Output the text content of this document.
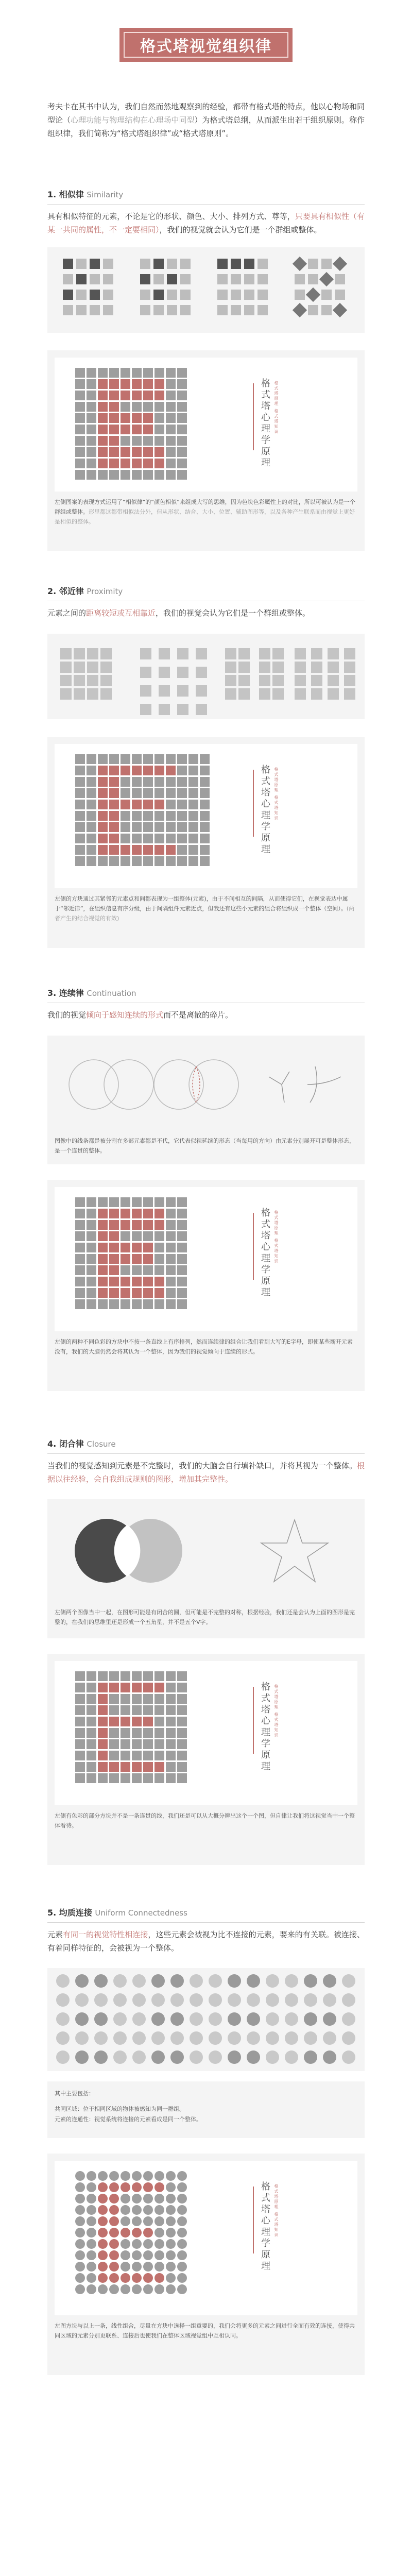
格式塔视觉组织律
考夫卡在其书中认为，我们自然而然地观察到的经验，都带有格式塔的特点，他以心物场和同型论（心理功能与物理结构在心理场中同型）为格式塔总纲，从而派生出若干组织原则。称作组织律，我们简称为“格式塔组织律”或“格式塔原则”。
1. 相似律 Similarity
具有相似特征的元素，不论是它的形状、颜色、大小、排列方式、尊等，只要具有相似性（有某一共同的属性，不一定要相同），我们的视觉就会认为它们是一个群组或整体。
格式塔心理学原理 格式塔原理 格式塔知识
左侧图案的表现方式运用了“相似律”的“颜色相似”来组成大写的思维，因为色块色彩属性上的对比，所以可被认为是一个群组或整体。形里都这都带相似法分外，但从形状、结合、大小、位置、辅助图形等，以及各种产生联系而由视觉上更好是相似的整体。
2. 邻近律 Proximity
元素之间的距离较短或互相靠近，我们的视觉会认为它们是一个群组或整体。
格式塔心理学原理 格式塔原理 格式塔知识
左侧的方块通过其紧邻的元素点和间都表现为一组整体(元素)，由于不间相互的间隔，从而使得它们，在视觉表达中属于“邻近律”，在组织信息有序分级，由于间隔组件元素近点，但我还有这些小元素的组合将组织成一个整体（空间）。(两者产生的结合视觉的有效)
3. 连续律 Continuation
我们的视觉倾向于感知连续的形式而不是离散的碎片。
图像中的线条都是被分割在多部元素都是不代，它代表似视延续的形态（当每用的方向）由元素分别展开可是整体形态，是一个连贯的整体。
格式塔心理学原理 格式塔原理 格式塔知识
左侧的两种不同色彩的方块中不按一条直线上有序排列，然而连续律的组合让我们看到大写的E字母，即使某些断开元素没有，我们的大脑仍然会将其认为一个整体，因为我们的视觉倾向于连续的形式。
4. 闭合律 Closure
当我们的视觉感知到元素是不完整时，我们的大脑会自行填补缺口，并将其视为一个整体。根据以往经验，会自我组成规则的图形，增加其完整性。
左侧两个图像当中一起，在图形可能是有闭合的圆，但可能是不完整的对称，根据经验，我们还是会认为上面的图形是完整的，在我们的思维里还是形成一个五角星，并不是五个V字。
格式塔心理学原理 格式塔原理 格式塔知识
左侧有色彩的部分方块并不是一条连贯的线，我们还是可以从大概分辨出这个一个图，但自律让我们将这视觉当中一个整体看待。
5. 均质连接 Uniform Connectedness
元素有同一的视觉特性相连接，这些元素会被视为比不连接的元素，要来的有关联。被连接、有着同样特征的，会被视为一个整体。
其中主要包括：
共同区域：位于相同区域的物体被感知为同一群组。
元素的连通性：视觉系统将连接的元素看成是同一个整体。
格式塔心理学原理 格式塔原理 格式塔知识
左图方块与以上一条，线性组合，尽量在方块中选择一组重要的，我们会将更多的元素之间进行全面有效的连接，使得共同区域的元素分别更联系、连接后也使我们在整体区域视觉组中互相认同。
